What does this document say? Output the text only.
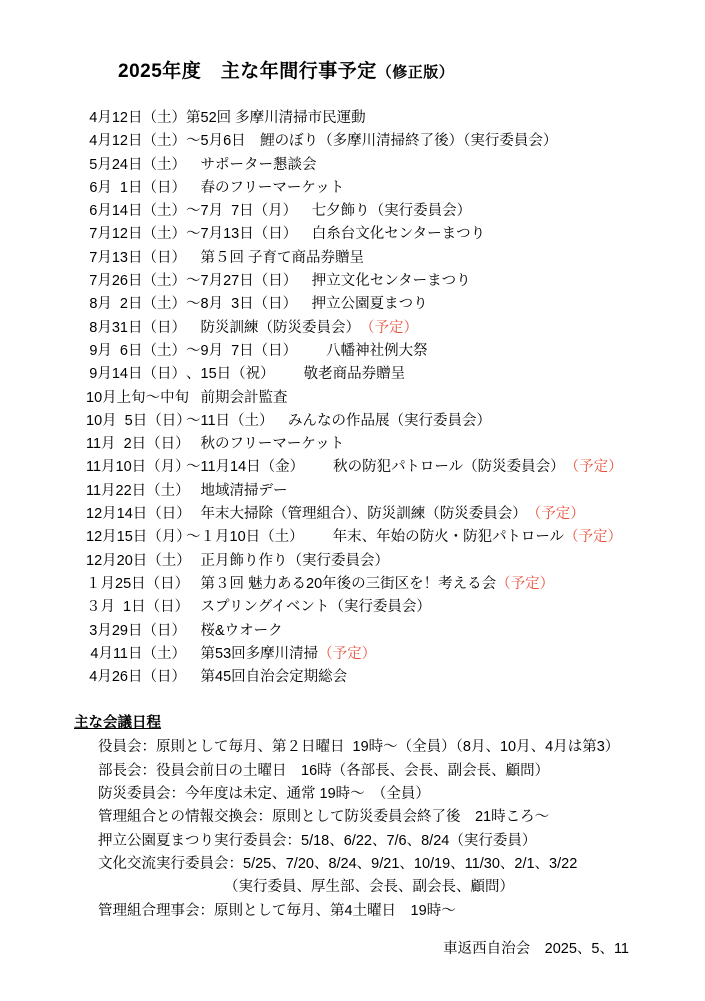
2025年度　主な年間行事予定（修正版）
4月12日（土）第52回 多摩川清掃市民運動
4月12日（土）～5月6日　鯉のぼり（多摩川清掃終了後）（実行委員会）
5月24日（土）　サポーター懇談会
6月  1日（日）　春のフリーマーケット
6月14日（土）～7月  7日（月）　七夕飾り（実行委員会）
7月12日（土）～7月13日（日）　白糸台文化センターまつり
7月13日（日）　第５回 子育て商品券贈呈
7月26日（土）～7月27日（日）　押立文化センターまつり
8月  2日（土）～8月  3日（日）　押立公園夏まつり
8月31日（日）　防災訓練（防災委員会）　（予定）
9月  6日（土）～9月  7日（日）　　八幡神社例大祭
9月14日（日）、15日（祝）　　敬老商品券贈呈
10月上旬～中旬　前期会計監査
10月  5日（日）～11日（土）　みんなの作品展（実行委員会）
11月  2日（日）　秋のフリーマーケット
11月10日（月）～11月14日（金）　　秋の防犯パトロール（防災委員会）　（予定）
11月22日（土）　地域清掃デー
12月14日（日）　年末大掃除（管理組合）、防災訓練（防災委員会）　（予定）
12月15日（月）～１月10日（土）　　年末、年始の防火・防犯パトロール（予定）
12月20日（土）　正月飾り作り（実行委員会）
１月25日（日）　第３回 魅力ある20年後の三街区を！考える会（予定）
３月  1日（日）　スプリングイベント（実行委員会）
3月29日（日）　桜&ウオーク
4月11日（土）　第53回多摩川清掃（予定）
4月26日（日）　第45回自治会定期総会
主な会議日程
役員会：原則として毎月、第２日曜日  19時～（全員）（8月、10月、4月は第3）
部長会：役員会前日の土曜日　16時（各部長、会長、副会長、顧問）
防災委員会：今年度は未定、通常 19時～　（全員）
管理組合との情報交換会：原則として防災委員会終了後　21時ころ～
押立公園夏まつり実行委員会：5/18、6/22、7/6、8/24（実行委員）
文化交流実行委員会：5/25、7/20、8/24、9/21、10/19、11/30、2/1、3/22
（実行委員、厚生部、会長、副会長、顧問）
管理組合理事会：原則として毎月、第4土曜日　19時～
車返西自治会　2025、5、11
